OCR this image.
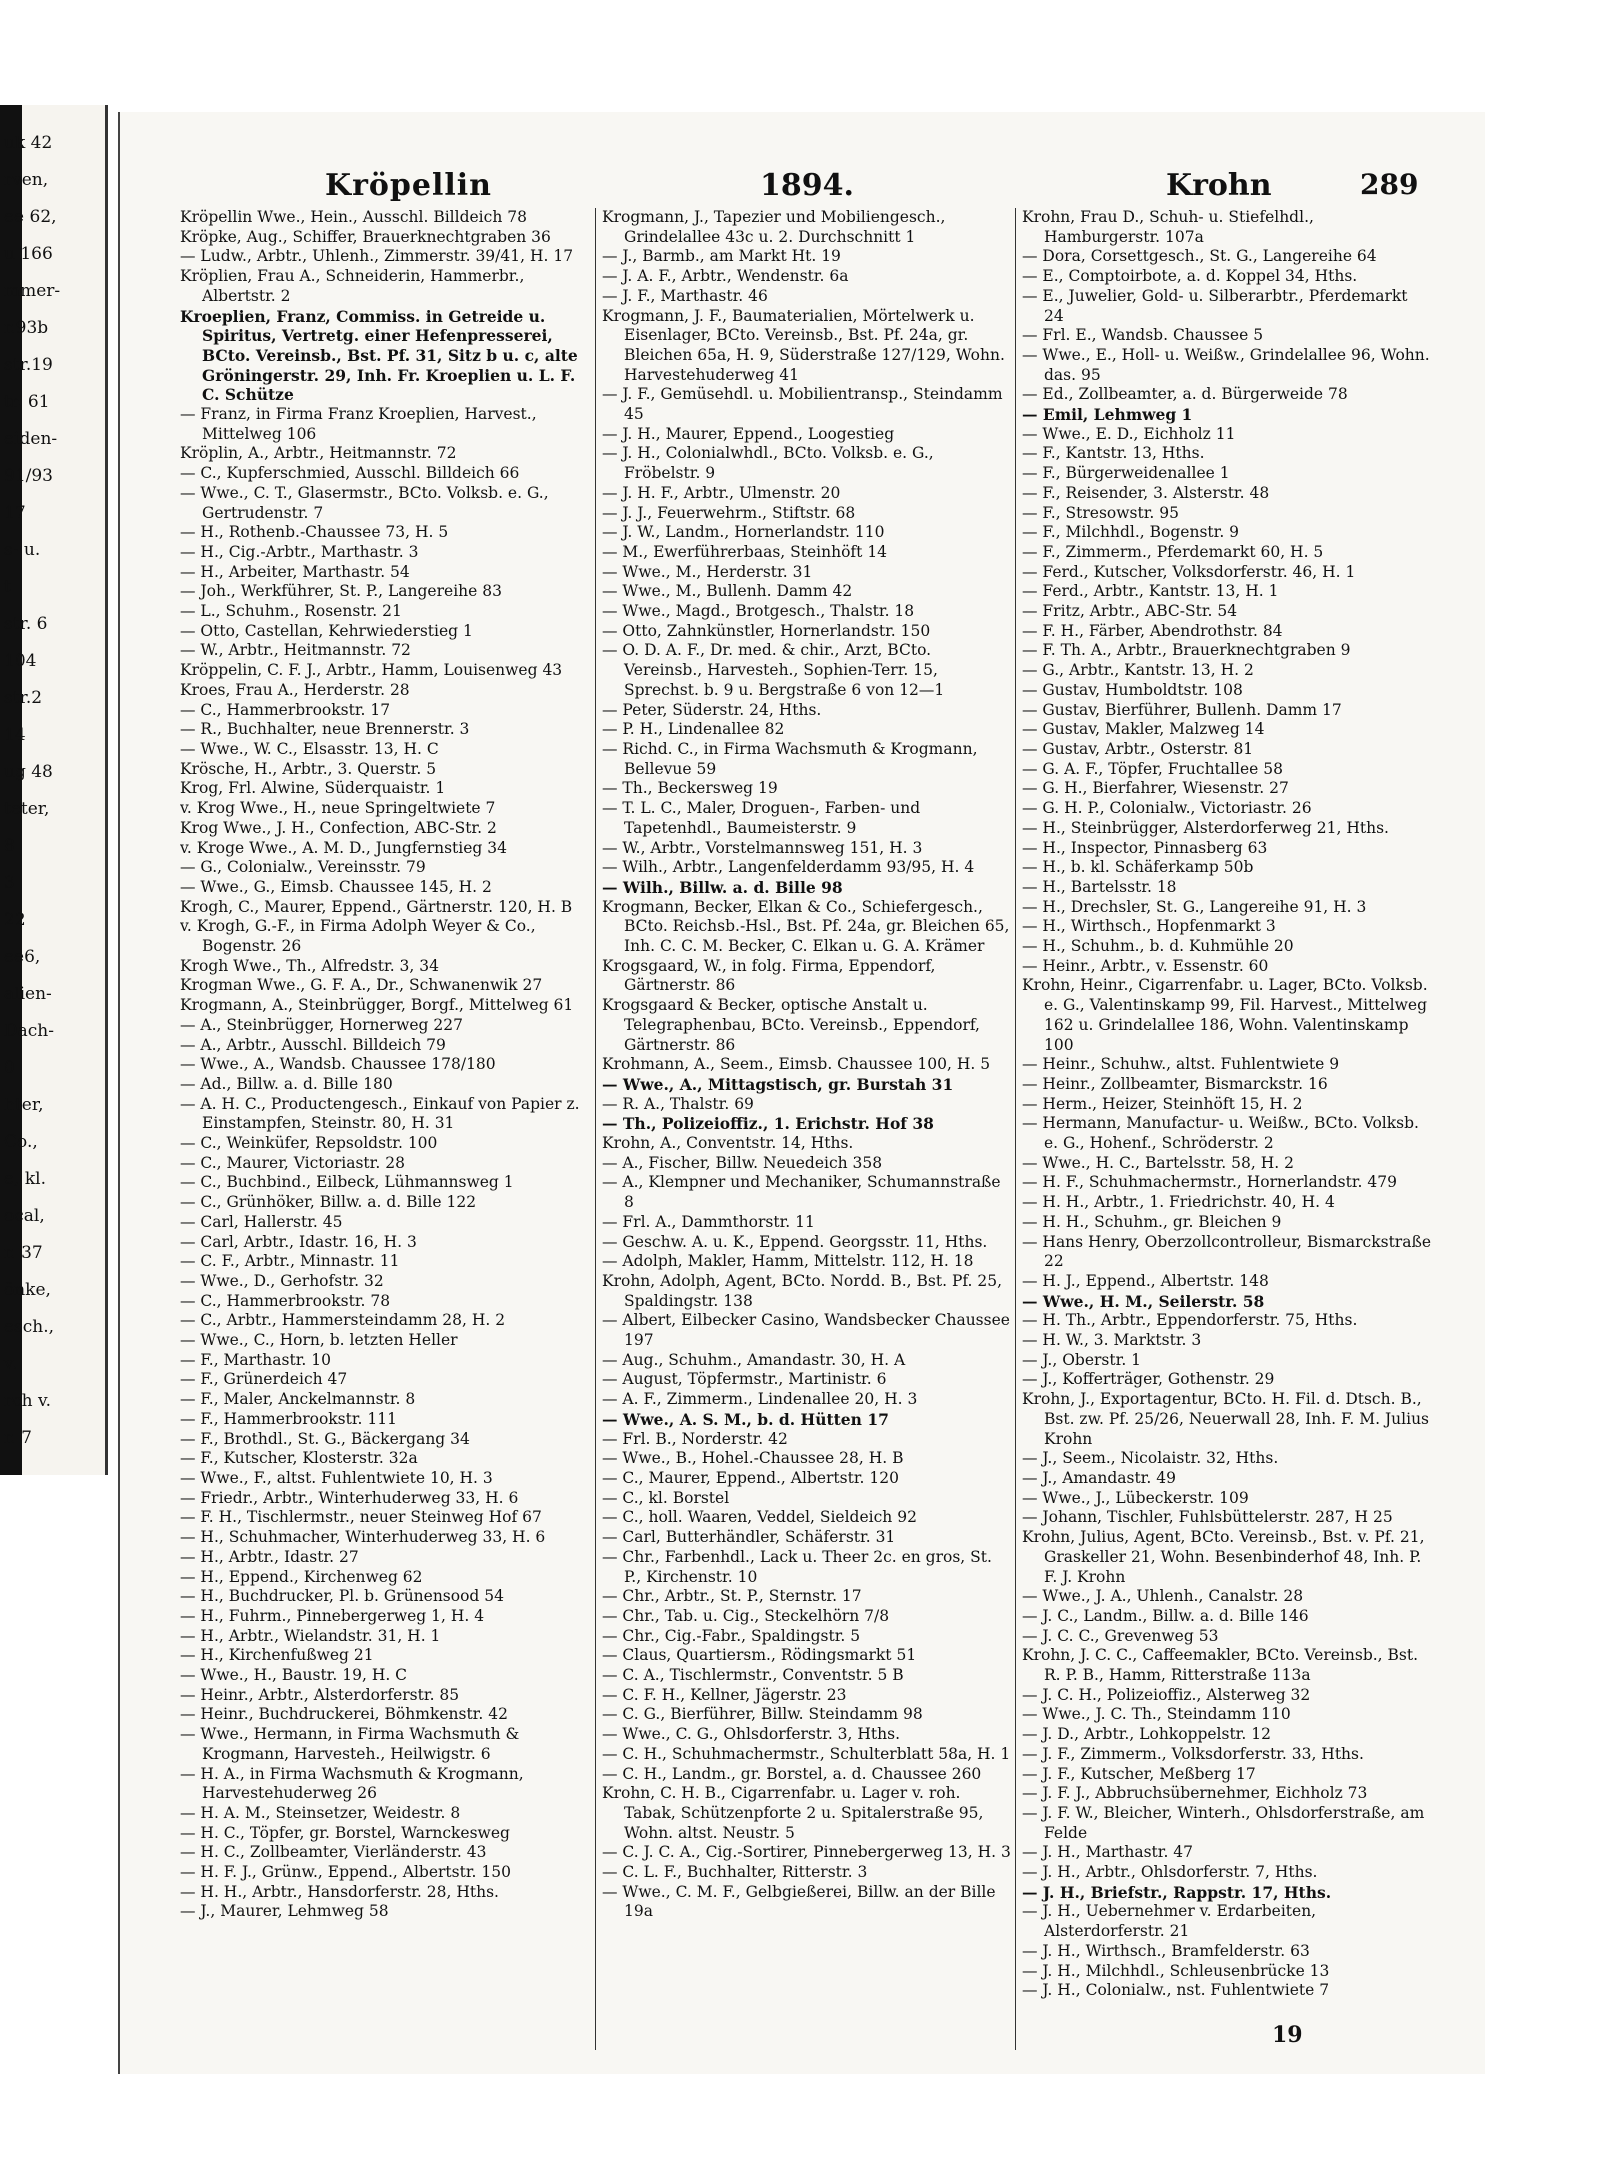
uk 42
rven,
ee 62,
u 166
mmer-
r.93b
str.19
tr. 61
eiden-
91/93
17
s- u.
t
str. 6
104
str.2
14
ug 48
teter,
8
3
22
ee6,
alien-
Dach-
0
hter,
Co.,
e, kl.
ocal,
r. 37
önke,
esch.,
v.
rch v.
r. 7
Kröpellin	1894.	Krohn	289

Kröpellin Wwe., Hein., Ausschl. Billdeich 78

Kröpke, Aug., Schiffer, Brauerknechtgraben 36

— Ludw., Arbtr., Uhlenh., Zimmerstr. 39/41, H. 17

Kröplien, Frau A., Schneiderin, Hammerbr., Albertstr. 2

Kroeplien, Franz, Commiss. in Getreide u. Spiritus, Vertretg. einer Hefenpresserei, BCto. Vereinsb., Bst. Pf. 31, Sitz b u. c, alte Gröningerstr. 29, Inh. Fr. Kroeplien u. L. F. C. Schütze

— Franz, in Firma Franz Kroeplien, Harvest., Mittelweg 106

Kröplin, A., Arbtr., Heitmannstr. 72

— C., Kupferschmied, Ausschl. Billdeich 66

— Wwe., C. T., Glasermstr., BCto. Volksb. e. G., Gertrudenstr. 7

— H., Rothenb.-Chaussee 73, H. 5

— H., Cig.-Arbtr., Marthastr. 3

— H., Arbeiter, Marthastr. 54

— Joh., Werkführer, St. P., Langereihe 83

— L., Schuhm., Rosenstr. 21

— Otto, Castellan, Kehrwiederstieg 1

— W., Arbtr., Heitmannstr. 72

Kröppelin, C. F. J., Arbtr., Hamm, Louisenweg 43

Kroes, Frau A., Herderstr. 28

— C., Hammerbrookstr. 17

— R., Buchhalter, neue Brennerstr. 3

— Wwe., W. C., Elsasstr. 13, H. C

Krösche, H., Arbtr., 3. Querstr. 5

Krog, Frl. Alwine, Süderquaistr. 1

v. Krog Wwe., H., neue Springeltwiete 7

Krog Wwe., J. H., Confection, ABC-Str. 2

v. Kroge Wwe., A. M. D., Jungfernstieg 34

— G., Colonialw., Vereinsstr. 79

— Wwe., G., Eimsb. Chaussee 145, H. 2

Krogh, C., Maurer, Eppend., Gärtnerstr. 120, H. B

v. Krogh, G.-F., in Firma Adolph Weyer & Co., Bogenstr. 26

Krogh Wwe., Th., Alfredstr. 3, 34

Krogman Wwe., G. F. A., Dr., Schwanenwik 27

Krogmann, A., Steinbrügger, Borgf., Mittelweg 61

— A., Steinbrügger, Hornerweg 227

— A., Arbtr., Ausschl. Billdeich 79

— Wwe., A., Wandsb. Chaussee 178/180

— Ad., Billw. a. d. Bille 180

— A. H. C., Productengesch., Einkauf von Papier z. Einstampfen, Steinstr. 80, H. 31

— C., Weinküfer, Repsoldstr. 100

— C., Maurer, Victoriastr. 28

— C., Buchbind., Eilbeck, Lühmannsweg 1

— C., Grünhöker, Billw. a. d. Bille 122

— Carl, Hallerstr. 45

— Carl, Arbtr., Idastr. 16, H. 3

— C. F., Arbtr., Minnastr. 11

— Wwe., D., Gerhofstr. 32

— C., Hammerbrookstr. 78

— C., Arbtr., Hammersteindamm 28, H. 2

— Wwe., C., Horn, b. letzten Heller

— F., Marthastr. 10

— F., Grünerdeich 47

— F., Maler, Anckelmannstr. 8

— F., Hammerbrookstr. 111

— F., Brothdl., St. G., Bäckergang 34

— F., Kutscher, Klosterstr. 32a

— Wwe., F., altst. Fuhlentwiete 10, H. 3

— Friedr., Arbtr., Winterhuderweg 33, H. 6

— F. H., Tischlermstr., neuer Steinweg Hof 67

— H., Schuhmacher, Winterhuderweg 33, H. 6

— H., Arbtr., Idastr. 27

— H., Eppend., Kirchenweg 62

— H., Buchdrucker, Pl. b. Grünensood 54

— H., Fuhrm., Pinnebergerweg 1, H. 4

— H., Arbtr., Wielandstr. 31, H. 1

— H., Kirchenfußweg 21

— Wwe., H., Baustr. 19, H. C

— Heinr., Arbtr., Alsterdorferstr. 85

— Heinr., Buchdruckerei, Böhmkenstr. 42

— Wwe., Hermann, in Firma Wachsmuth & Krogmann, Harvesteh., Heilwigstr. 6

— H. A., in Firma Wachsmuth & Krogmann, Harvestehuderweg 26

— H. A. M., Steinsetzer, Weidestr. 8

— H. C., Töpfer, gr. Borstel, Warnckesweg

— H. C., Zollbeamter, Vierländerstr. 43

— H. F. J., Grünw., Eppend., Albertstr. 150

— H. H., Arbtr., Hansdorferstr. 28, Hths.

— J., Maurer, Lehmweg 58

Krogmann, J., Tapezier und Mobiliengesch., Grindelallee 43c u. 2. Durchschnitt 1

— J., Barmb., am Markt Ht. 19

— J. A. F., Arbtr., Wendenstr. 6a

— J. F., Marthastr. 46

Krogmann, J. F., Baumaterialien, Mörtelwerk u. Eisenlager, BCto. Vereinsb., Bst. Pf. 24a, gr. Bleichen 65a, H. 9, Süderstraße 127/129, Wohn. Harvestehuderweg 41

— J. F., Gemüsehdl. u. Mobilientransp., Steindamm 45

— J. H., Maurer, Eppend., Loogestieg

— J. H., Colonialwhdl., BCto. Volksb. e. G., Fröbelstr. 9

— J. H. F., Arbtr., Ulmenstr. 20

— J. J., Feuerwehrm., Stiftstr. 68

— J. W., Landm., Hornerlandstr. 110

— M., Ewerführerbaas, Steinhöft 14

— Wwe., M., Herderstr. 31

— Wwe., M., Bullenh. Damm 42

— Wwe., Magd., Brotgesch., Thalstr. 18

— Otto, Zahnkünstler, Hornerlandstr. 150

— O. D. A. F., Dr. med. & chir., Arzt, BCto. Vereinsb., Harvesteh., Sophien-Terr. 15, Sprechst. b. 9 u. Bergstraße 6 von 12—1

— Peter, Süderstr. 24, Hths.

— P. H., Lindenallee 82

— Richd. C., in Firma Wachsmuth & Krogmann, Bellevue 59

— Th., Beckersweg 19

— T. L. C., Maler, Droguen-, Farben- und Tapetenhdl., Baumeisterstr. 9

— W., Arbtr., Vorstelmannsweg 151, H. 3

— Wilh., Arbtr., Langenfelderdamm 93/95, H. 4

— Wilh., Billw. a. d. Bille 98

Krogmann, Becker, Elkan & Co., Schiefergesch., BCto. Reichsb.-Hsl., Bst. Pf. 24a, gr. Bleichen 65, Inh. C. C. M. Becker, C. Elkan u. G. A. Krämer

Krogsgaard, W., in folg. Firma, Eppendorf, Gärtnerstr. 86

Krogsgaard & Becker, optische Anstalt u. Telegraphenbau, BCto. Vereinsb., Eppendorf, Gärtnerstr. 86

Krohmann, A., Seem., Eimsb. Chaussee 100, H. 5

— Wwe., A., Mittagstisch, gr. Burstah 31

— R. A., Thalstr. 69

— Th., Polizeioffiz., 1. Erichstr. Hof 38

Krohn, A., Conventstr. 14, Hths.

— A., Fischer, Billw. Neuedeich 358

— A., Klempner und Mechaniker, Schumannstraße 8

— Frl. A., Dammthorstr. 11

— Geschw. A. u. K., Eppend. Georgsstr. 11, Hths.

— Adolph, Makler, Hamm, Mittelstr. 112, H. 18

Krohn, Adolph, Agent, BCto. Nordd. B., Bst. Pf. 25, Spaldingstr. 138

— Albert, Eilbecker Casino, Wandsbecker Chaussee 197

— Aug., Schuhm., Amandastr. 30, H. A

— August, Töpfermstr., Martinistr. 6

— A. F., Zimmerm., Lindenallee 20, H. 3

— Wwe., A. S. M., b. d. Hütten 17

— Frl. B., Norderstr. 42

— Wwe., B., Hohel.-Chaussee 28, H. B

— C., Maurer, Eppend., Albertstr. 120

— C., kl. Borstel

— C., holl. Waaren, Veddel, Sieldeich 92

— Carl, Butterhändler, Schäferstr. 31

— Chr., Farbenhdl., Lack u. Theer 2c. en gros, St. P., Kirchenstr. 10

— Chr., Arbtr., St. P., Sternstr. 17

— Chr., Tab. u. Cig., Steckelhörn 7/8

— Chr., Cig.-Fabr., Spaldingstr. 5

— Claus, Quartiersm., Rödingsmarkt 51

— C. A., Tischlermstr., Conventstr. 5 B

— C. F. H., Kellner, Jägerstr. 23

— C. G., Bierführer, Billw. Steindamm 98

— Wwe., C. G., Ohlsdorferstr. 3, Hths.

— C. H., Schuhmachermstr., Schulterblatt 58a, H. 1

— C. H., Landm., gr. Borstel, a. d. Chaussee 260

Krohn, C. H. B., Cigarrenfabr. u. Lager v. roh. Tabak, Schützenpforte 2 u. Spitalerstraße 95, Wohn. altst. Neustr. 5

— C. J. C. A., Cig.-Sortirer, Pinnebergerweg 13, H. 3

— C. L. F., Buchhalter, Ritterstr. 3

— Wwe., C. M. F., Gelbgießerei, Billw. an der Bille 19a

Krohn, Frau D., Schuh- u. Stiefelhdl., Hamburgerstr. 107a

— Dora, Corsettgesch., St. G., Langereihe 64

— E., Comptoirbote, a. d. Koppel 34, Hths.

— E., Juwelier, Gold- u. Silberarbtr., Pferdemarkt 24

— Frl. E., Wandsb. Chaussee 5

— Wwe., E., Holl- u. Weißw., Grindelallee 96, Wohn. das. 95

— Ed., Zollbeamter, a. d. Bürgerweide 78

— Emil, Lehmweg 1

— Wwe., E. D., Eichholz 11

— F., Kantstr. 13, Hths.

— F., Bürgerweidenallee 1

— F., Reisender, 3. Alsterstr. 48

— F., Stresowstr. 95

— F., Milchhdl., Bogenstr. 9

— F., Zimmerm., Pferdemarkt 60, H. 5

— Ferd., Kutscher, Volksdorferstr. 46, H. 1

— Ferd., Arbtr., Kantstr. 13, H. 1

— Fritz, Arbtr., ABC-Str. 54

— F. H., Färber, Abendrothstr. 84

— F. Th. A., Arbtr., Brauerknechtgraben 9

— G., Arbtr., Kantstr. 13, H. 2

— Gustav, Humboldtstr. 108

— Gustav, Bierführer, Bullenh. Damm 17

— Gustav, Makler, Malzweg 14

— Gustav, Arbtr., Osterstr. 81

— G. A. F., Töpfer, Fruchtallee 58

— G. H., Bierfahrer, Wiesenstr. 27

— G. H. P., Colonialw., Victoriastr. 26

— H., Steinbrügger, Alsterdorferweg 21, Hths.

— H., Inspector, Pinnasberg 63

— H., b. kl. Schäferkamp 50b

— H., Bartelsstr. 18

— H., Drechsler, St. G., Langereihe 91, H. 3

— H., Wirthsch., Hopfenmarkt 3

— H., Schuhm., b. d. Kuhmühle 20

— Heinr., Arbtr., v. Essenstr. 60

Krohn, Heinr., Cigarrenfabr. u. Lager, BCto. Volksb. e. G., Valentinskamp 99, Fil. Harvest., Mittelweg 162 u. Grindelallee 186, Wohn. Valentinskamp 100

— Heinr., Schuhw., altst. Fuhlentwiete 9

— Heinr., Zollbeamter, Bismarckstr. 16

— Herm., Heizer, Steinhöft 15, H. 2

— Hermann, Manufactur- u. Weißw., BCto. Volksb. e. G., Hohenf., Schröderstr. 2

— Wwe., H. C., Bartelsstr. 58, H. 2

— H. F., Schuhmachermstr., Hornerlandstr. 479

— H. H., Arbtr., 1. Friedrichstr. 40, H. 4

— H. H., Schuhm., gr. Bleichen 9

— Hans Henry, Oberzollcontrolleur, Bismarckstraße 22

— H. J., Eppend., Albertstr. 148

— Wwe., H. M., Seilerstr. 58

— H. Th., Arbtr., Eppendorferstr. 75, Hths.

— H. W., 3. Marktstr. 3

— J., Oberstr. 1

— J., Kofferträger, Gothenstr. 29

Krohn, J., Exportagentur, BCto. H. Fil. d. Dtsch. B., Bst. zw. Pf. 25/26, Neuerwall 28, Inh. F. M. Julius Krohn

— J., Seem., Nicolaistr. 32, Hths.

— J., Amandastr. 49

— Wwe., J., Lübeckerstr. 109

— Johann, Tischler, Fuhlsbüttelerstr. 287, H 25

Krohn, Julius, Agent, BCto. Vereinsb., Bst. v. Pf. 21, Graskeller 21, Wohn. Besenbinderhof 48, Inh. P. F. J. Krohn

— Wwe., J. A., Uhlenh., Canalstr. 28

— J. C., Landm., Billw. a. d. Bille 146

— J. C. C., Grevenweg 53

Krohn, J. C. C., Caffeemakler, BCto. Vereinsb., Bst. R. P. B., Hamm, Ritterstraße 113a

— J. C. H., Polizeioffiz., Alsterweg 32

— Wwe., J. C. Th., Steindamm 110

— J. D., Arbtr., Lohkoppelstr. 12

— J. F., Zimmerm., Volksdorferstr. 33, Hths.

— J. F., Kutscher, Meßberg 17

— J. F. J., Abbruchsübernehmer, Eichholz 73

— J. F. W., Bleicher, Winterh., Ohlsdorferstraße, am Felde

— J. H., Marthastr. 47

— J. H., Arbtr., Ohlsdorferstr. 7, Hths.

— J. H., Briefstr., Rappstr. 17, Hths.

— J. H., Uebernehmer v. Erdarbeiten, Alsterdorferstr. 21

— J. H., Wirthsch., Bramfelderstr. 63

— J. H., Milchhdl., Schleusenbrücke 13

— J. H., Colonialw., nst. Fuhlentwiete 7

19
